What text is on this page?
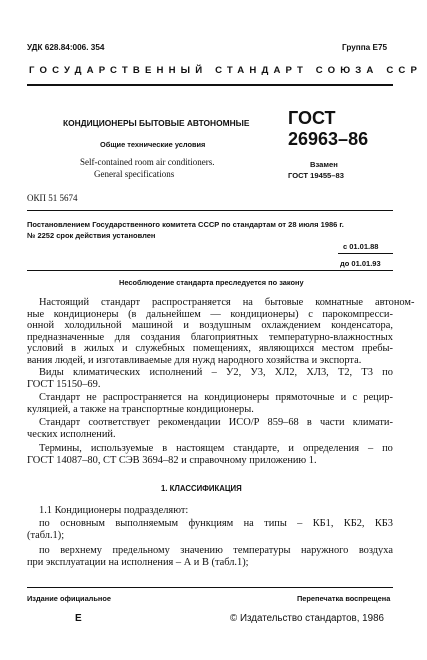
УДК 628.84:006. 354	Группа Е75
ГОСУДАРСТВЕННЫЙ СТАНДАРТ СОЮЗА ССР
КОНДИЦИОНЕРЫ БЫТОВЫЕ АВТОНОМНЫЕ
Общие технические условия
Self-contained room air conditioners.
General specifications
ГОСТ
26963–86
Взамен
ГОСТ 19455–83
ОКП 51 5674
Постановлением Государственного комитета СССР по стандартам от 28 июля 1986 г.
№ 2252 срок действия установлен
с 01.01.88
до 01.01.93
Несоблюдение стандарта преследуется по закону
Настоящий	стандарт	распространяется	на	бытовые	комнатные	автоном-
ные кондиционеры (в дальнейшем — кондиционеры) с парокомпресси-
онной холодильной машиной и воздушным охлаждением конденсатора,
предназначенные для создания благоприятных температурно-влажностных
условий в жилых и служебных помещениях, являющихся местом пребы-
вания людей, и изготавливаемые для нужд народного хозяйства и экспорта.
Виды климатических исполнений – У2, У3, ХЛ2, ХЛ3, Т2, Т3 по
ГОСТ 15150–69.
Стандарт не распространяется на кондиционеры прямоточные и с рецир-
куляцией, а также на транспортные кондиционеры.
Стандарт соответствует рекомендации ИСО/Р 859–68 в части климати-
ческих исполнений.
Термины, используемые в настоящем стандарте, и определения – по
ГОСТ 14087–80, СТ СЭВ 3694–82 и справочному приложению 1.
1. КЛАССИФИКАЦИЯ
1.1 Кондиционеры подразделяют:
по основным выполняемым функциям на типы – КБ1, КБ2, КБ3
(табл.1);
по верхнему предельному значению температуры наружного воздуха
при эксплуатации на исполнения – А и В (табл.1);
Издание официальное	Перепечатка воспрещена
Е	© Издательство стандартов, 1986
